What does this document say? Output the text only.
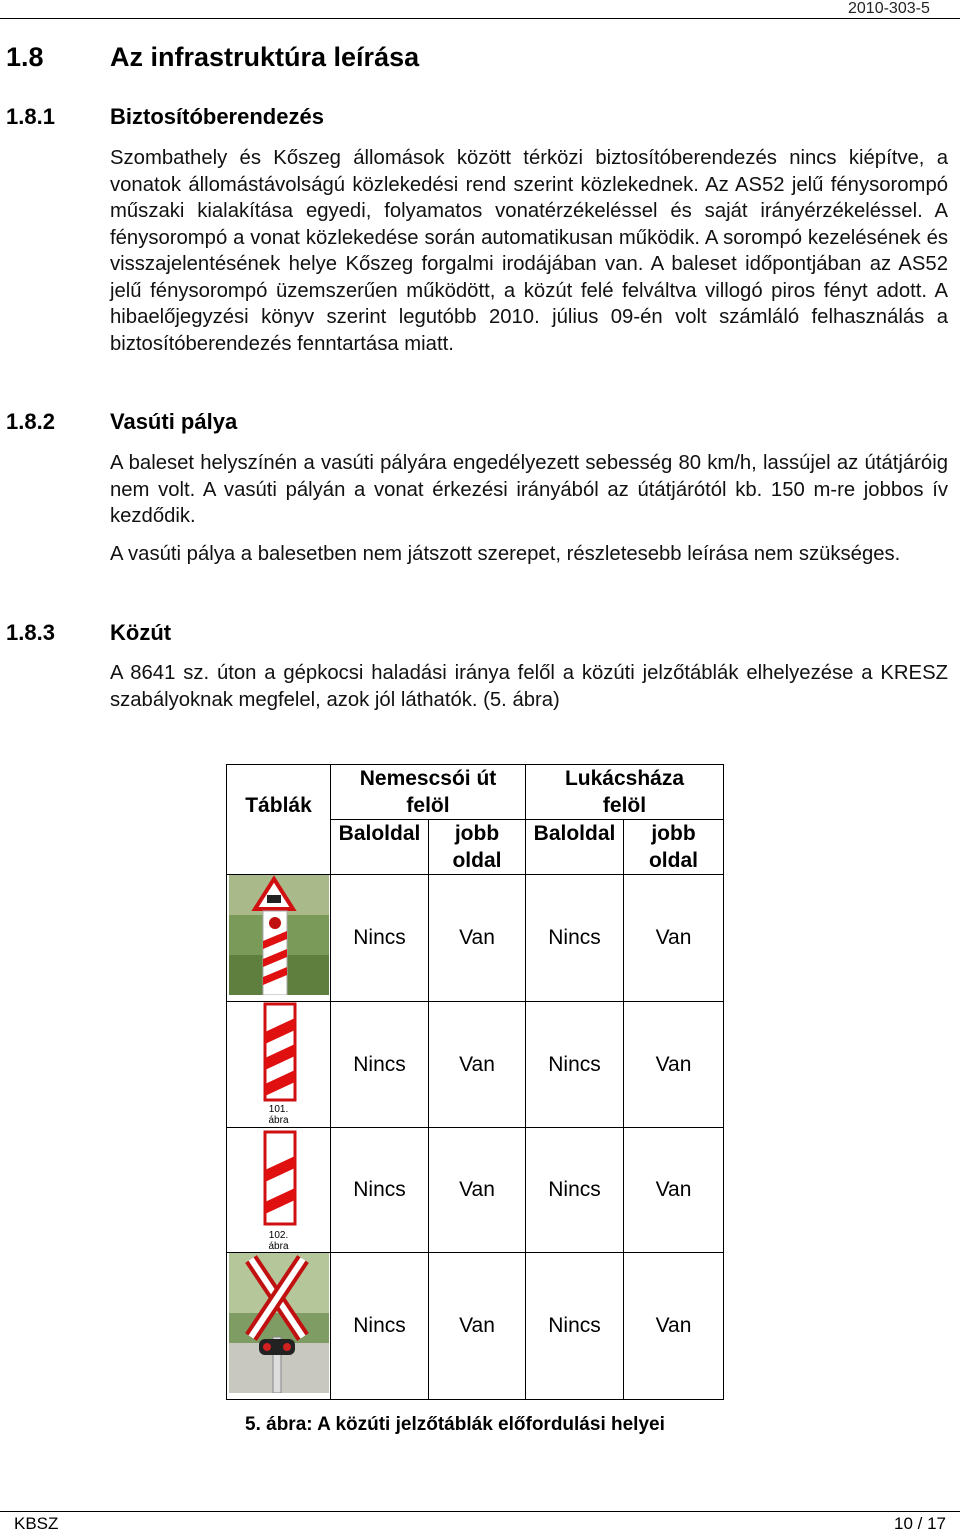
2010-303-5
1.8 Az infrastruktúra leírása
1.8.1	Biztosítóberendezés
Szombathely és Kőszeg állomások között térközi biztosítóberendezés nincs kiépítve, a vonatok állomástávolságú közlekedési rend szerint közlekednek. Az AS52 jelű fénysorompó műszaki kialakítása egyedi, folyamatos vonatérzékeléssel és saját irányérzékeléssel. A fénysorompó a vonat közlekedése során automatikusan működik. A sorompó kezelésének és visszajelentésének helye Kőszeg forgalmi irodájában van. A baleset időpontjában az AS52 jelű fénysorompó üzemszerűen működött, a közút felé felváltva villogó piros fényt adott. A hibaelőjegyzési könyv szerint legutóbb 2010. július 09-én volt számláló felhasználás a biztosítóberendezés fenntartása miatt.
1.8.2	Vasúti pálya
A baleset helyszínén a vasúti pályára engedélyezett sebesség 80 km/h, lassújel az útátjáróig nem volt. A vasúti pályán a vonat érkezési irányából az útátjárótól kb. 150 m-re jobbos ív kezdődik.
A vasúti pálya a balesetben nem játszott szerepet, részletesebb leírása nem szükséges.
1.8.3	Közút
A 8641 sz. úton a gépkocsi haladási iránya felől a közúti jelzőtáblák elhelyezése a KRESZ szabályoknak megfelel, azok jól láthatók. (5. ábra)
Táblák	Nemescsói út felöl		Lukácsháza felöl	
	Baloldal	jobb oldal	Baloldal	jobb oldal
	Nincs	Van	Nincs	Van

101. ábra	Nincs	Van	Nincs	Van

102. ábra	Nincs	Van	Nincs	Van
	Nincs	Van	Nincs	Van
5. ábra: A közúti jelzőtáblák előfordulási helyei
KBSZ	10 / 17
